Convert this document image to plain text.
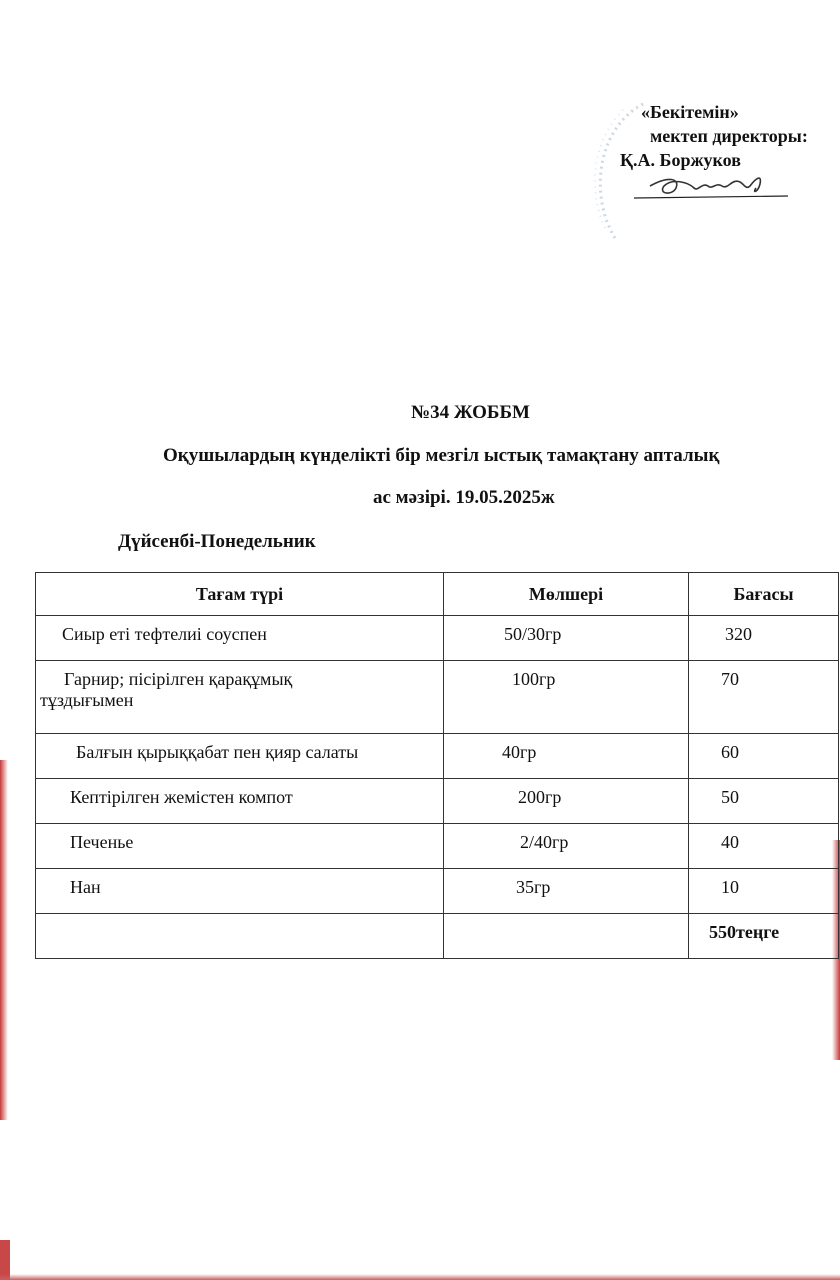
«Бекітемін»
мектеп директоры:
Қ.А. Боржуков
№34 ЖОББМ
Оқушылардың күнделікті бір мезгіл ыстық тамақтану апталық
ас мәзірі. 19.05.2025ж
Дүйсенбі-Понедельник
Тағам түрі	Мөлшері	Бағасы

Сиыр еті тефтелиі соуспен	50/30гр	320

Гарнир; пісірілген қарақұмық
тұздығымен	100гр	70

Балғын қырыққабат пен қияр салаты	40гр	60

Кептірілген жемістен компот	200гр	50

Печенье	2/40гр	40

Нан	35гр	10

		550теңге
